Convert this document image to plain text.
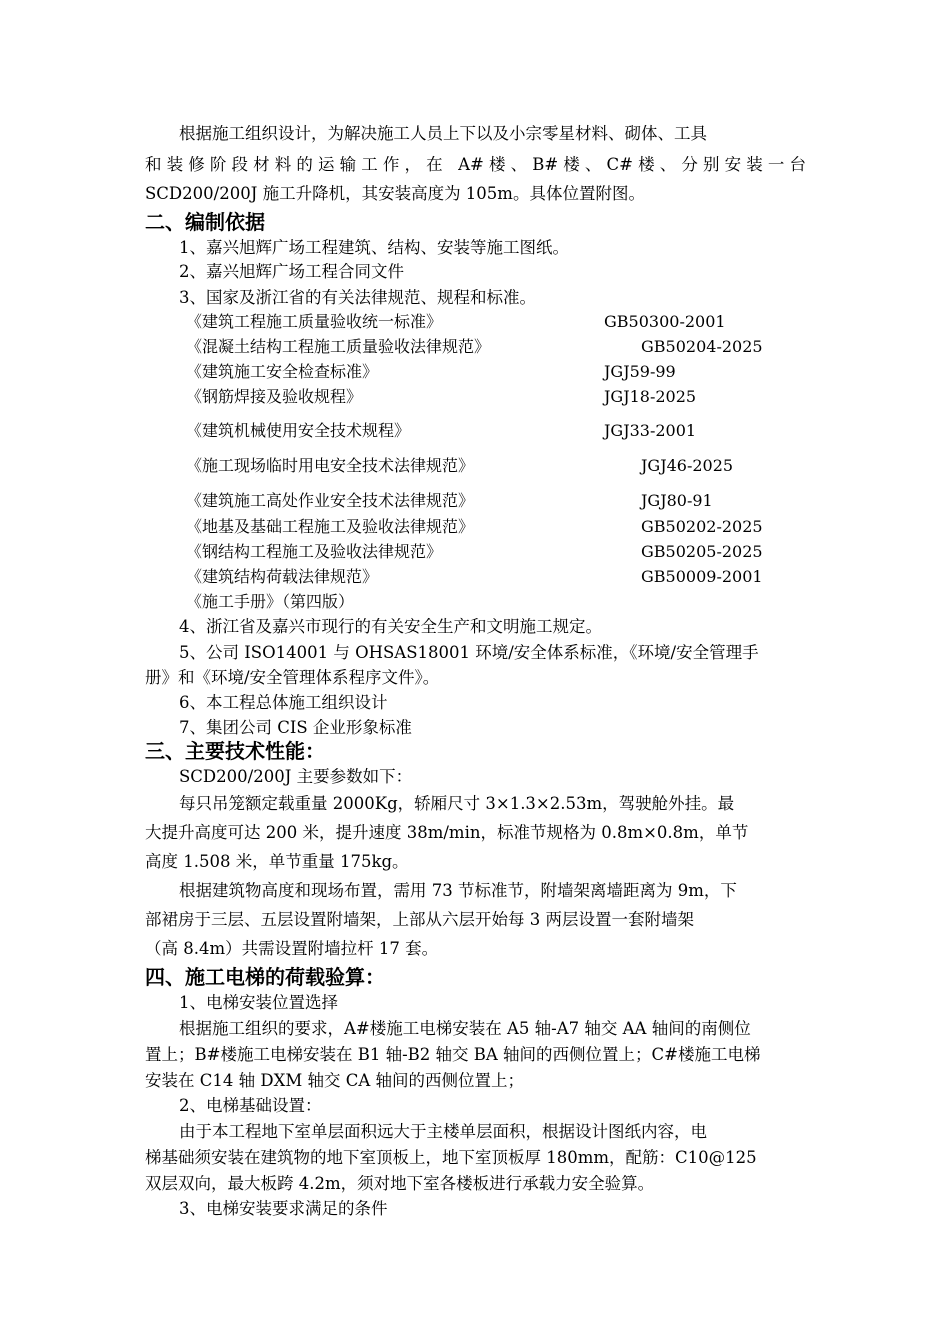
根据施工组织设计，为解决施工人员上下以及小宗零星材料、砌体、工具
和装修阶段材料的运输工作，在 A#楼、B#楼、C#楼、分别安装一台
SCD200/200J 施工升降机，其安装高度为 105m。具体位置附图。
二、编制依据
1、嘉兴旭辉广场工程建筑、结构、安装等施工图纸。
2、嘉兴旭辉广场工程合同文件
3、国家及浙江省的有关法律规范、规程和标准。
《建筑工程施工质量验收统一标准》	GB50300-2001
《混凝土结构工程施工质量验收法律规范》	GB50204-2025
《建筑施工安全检查标准》	JGJ59-99
《钢筋焊接及验收规程》	JGJ18-2025
《建筑机械使用安全技术规程》	JGJ33-2001
《施工现场临时用电安全技术法律规范》	JGJ46-2025
《建筑施工高处作业安全技术法律规范》	JGJ80-91
《地基及基础工程施工及验收法律规范》	GB50202-2025
《钢结构工程施工及验收法律规范》	GB50205-2025
《建筑结构荷载法律规范》	GB50009-2001
《施工手册》（第四版）
4、浙江省及嘉兴市现行的有关安全生产和文明施工规定。
5、公司 ISO14001 与 OHSAS18001 环境/安全体系标准，《环境/安全管理手
册》和《环境/安全管理体系程序文件》。
6、本工程总体施工组织设计
7、集团公司 CIS 企业形象标准
三、主要技术性能：
SCD200/200J 主要参数如下：
每只吊笼额定载重量 2000Kg，轿厢尺寸 3×1.3×2.53m，驾驶舱外挂。最
大提升高度可达 200 米，提升速度 38m/min，标准节规格为 0.8m×0.8m，单节
高度 1.508 米，单节重量 175kg。
根据建筑物高度和现场布置，需用 73 节标准节，附墙架离墙距离为 9m，下
部裙房于三层、五层设置附墙架，上部从六层开始每 3 两层设置一套附墙架
（高 8.4m）共需设置附墙拉杆 17 套。
四、施工电梯的荷载验算：
1、电梯安装位置选择
根据施工组织的要求，A#楼施工电梯安装在 A5 轴-A7 轴交 AA 轴间的南侧位
置上；B#楼施工电梯安装在 B1 轴-B2 轴交 BA 轴间的西侧位置上；C#楼施工电梯
安装在 C14 轴 DXM 轴交 CA 轴间的西侧位置上；
2、电梯基础设置：
由于本工程地下室单层面积远大于主楼单层面积，根据设计图纸内容，电
梯基础须安装在建筑物的地下室顶板上，地下室顶板厚 180mm，配筋：C10@125
双层双向，最大板跨 4.2m，须对地下室各楼板进行承载力安全验算。
3、电梯安装要求满足的条件
